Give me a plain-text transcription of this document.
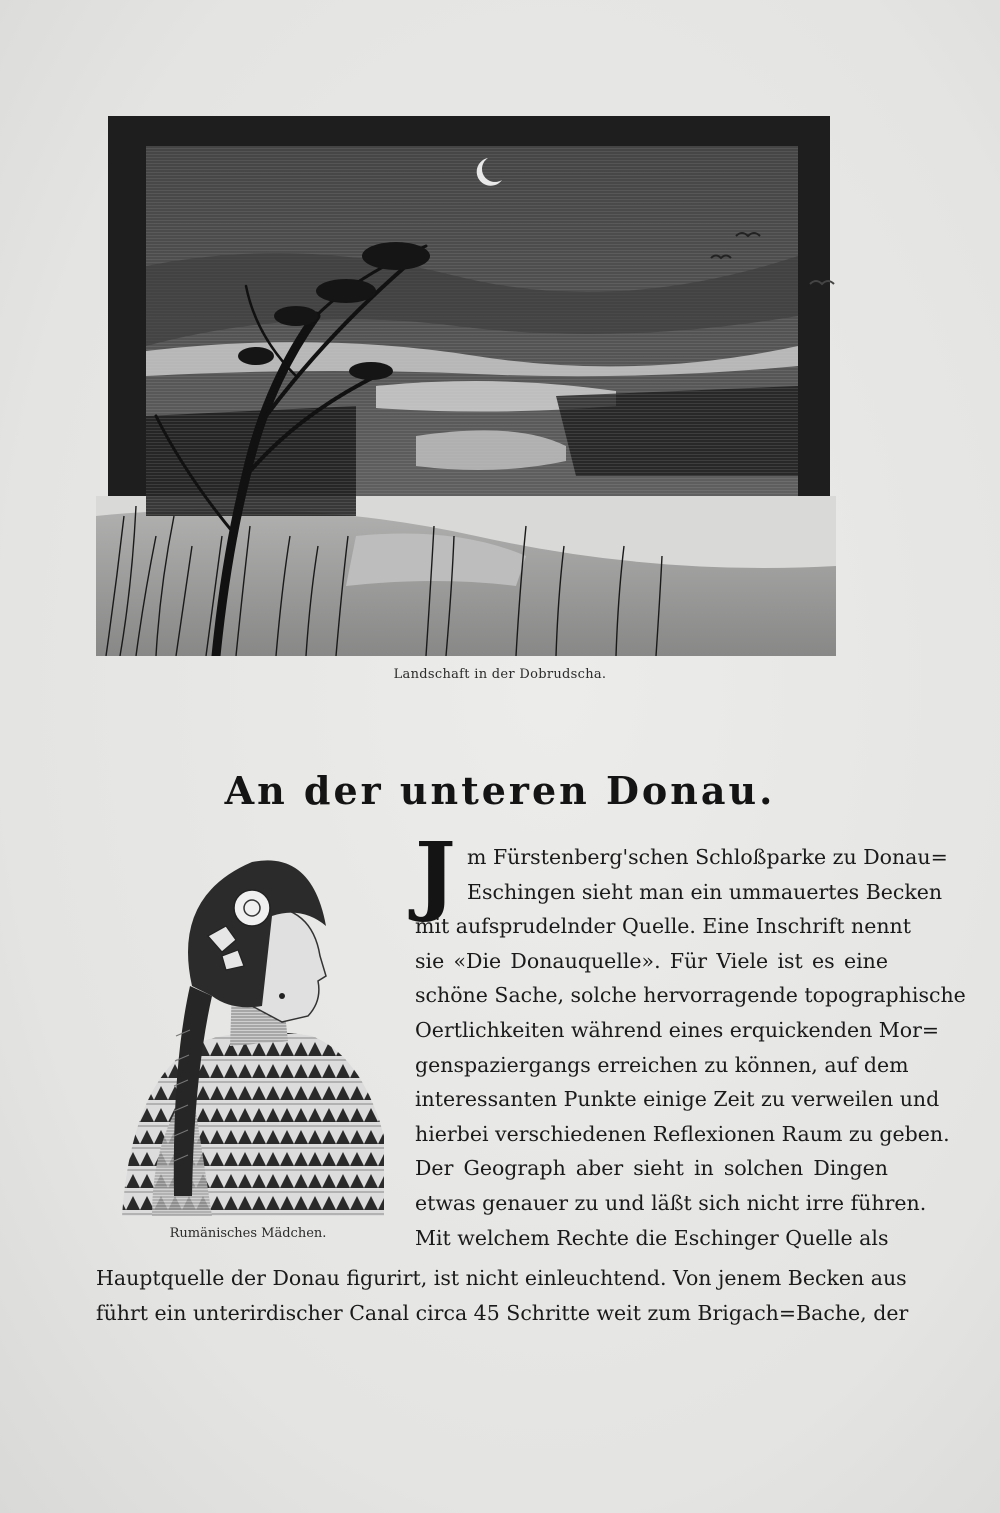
Landschaft in der Dobrudscha.
An der unteren Donau.
Rumänisches Mädchen.
J m Fürstenberg'schen Schloßparke zu Donau=
Eschingen sieht man ein ummauertes Becken
mit aufsprudelnder Quelle. Eine Inschrift nennt
sie «Die Donauquelle». Für Viele ist es eine
schöne Sache, solche hervorragende topographische
Oertlichkeiten während eines erquickenden Mor=
genspaziergangs erreichen zu können, auf dem
interessanten Punkte einige Zeit zu verweilen und
hierbei verschiedenen Reflexionen Raum zu geben.
Der Geograph aber sieht in solchen Dingen
etwas genauer zu und läßt sich nicht irre führen.
Mit welchem Rechte die Eschinger Quelle als
Hauptquelle der Donau figurirt, ist nicht einleuchtend. Von jenem Becken aus
führt ein unterirdischer Canal circa 45 Schritte weit zum Brigach=Bache, der
